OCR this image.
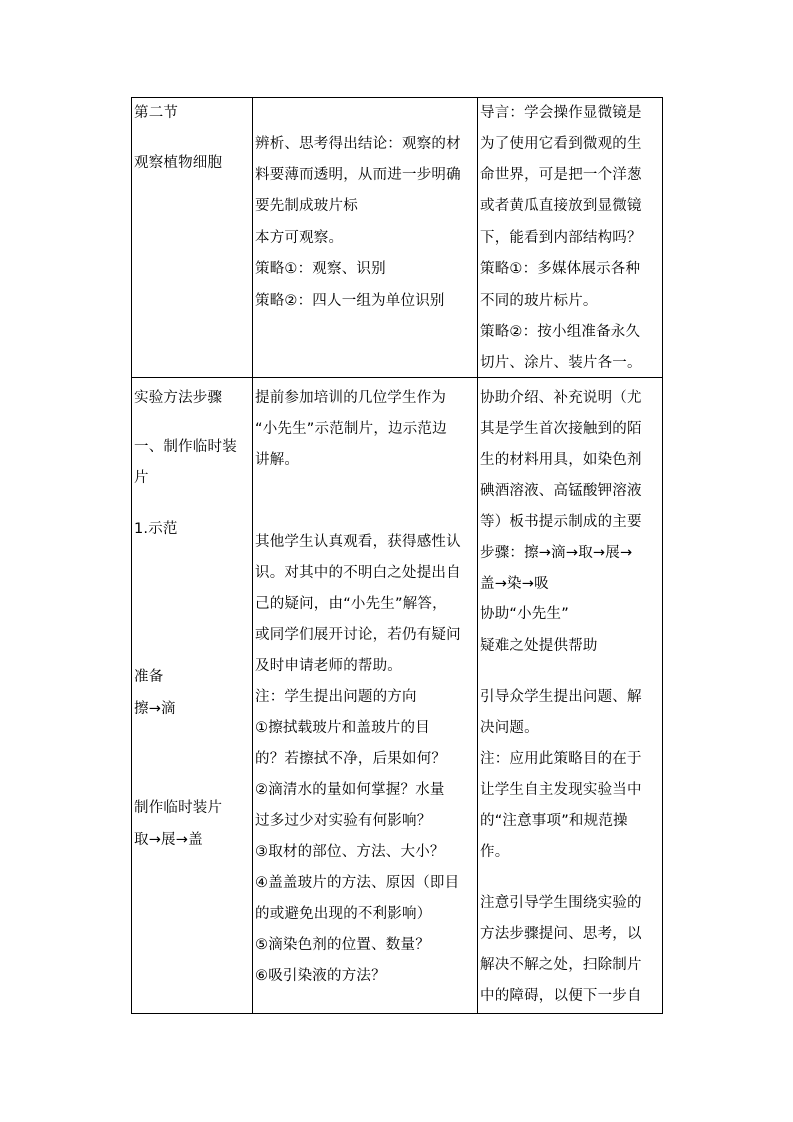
第二节
观察植物细胞
辨析、思考得出结论：观察的材
料要薄而透明，从而进一步明确
要先制成玻片标
本方可观察。
策略①：观察、识别
策略②：四人一组为单位识别
导言：学会操作显微镜是
为了使用它看到微观的生
命世界，可是把一个洋葱
或者黄瓜直接放到显微镜
下，能看到内部结构吗？
策略①：多媒体展示各种
不同的玻片标片。
策略②：按小组准备永久
切片、涂片、装片各一。
实验方法步骤
一、制作临时装
片
1.示范
准备
擦→滴
制作临时装片
取→展→盖
提前参加培训的几位学生作为
“小先生”示范制片，边示范边
讲解。
其他学生认真观看，获得感性认
识。对其中的不明白之处提出自
己的疑问，由“小先生”解答，
或同学们展开讨论，若仍有疑问
及时申请老师的帮助。
注：学生提出问题的方向
①擦拭载玻片和盖玻片的目
的？若擦拭不净，后果如何？
②滴清水的量如何掌握？水量
过多过少对实验有何影响？
③取材的部位、方法、大小？
④盖盖玻片的方法、原因（即目
的或避免出现的不利影响）
⑤滴染色剂的位置、数量？
⑥吸引染液的方法？
协助介绍、补充说明（尤
其是学生首次接触到的陌
生的材料用具，如染色剂
碘酒溶液、高锰酸钾溶液
等）板书提示制成的主要
步骤：擦→滴→取→展→
盖→染→吸
协助“小先生”
疑难之处提供帮助
引导众学生提出问题、解
决问题。
注：应用此策略目的在于
让学生自主发现实验当中
的“注意事项”和规范操
作。
注意引导学生围绕实验的
方法步骤提问、思考，以
解决不解之处，扫除制片
中的障碍，以便下一步自
